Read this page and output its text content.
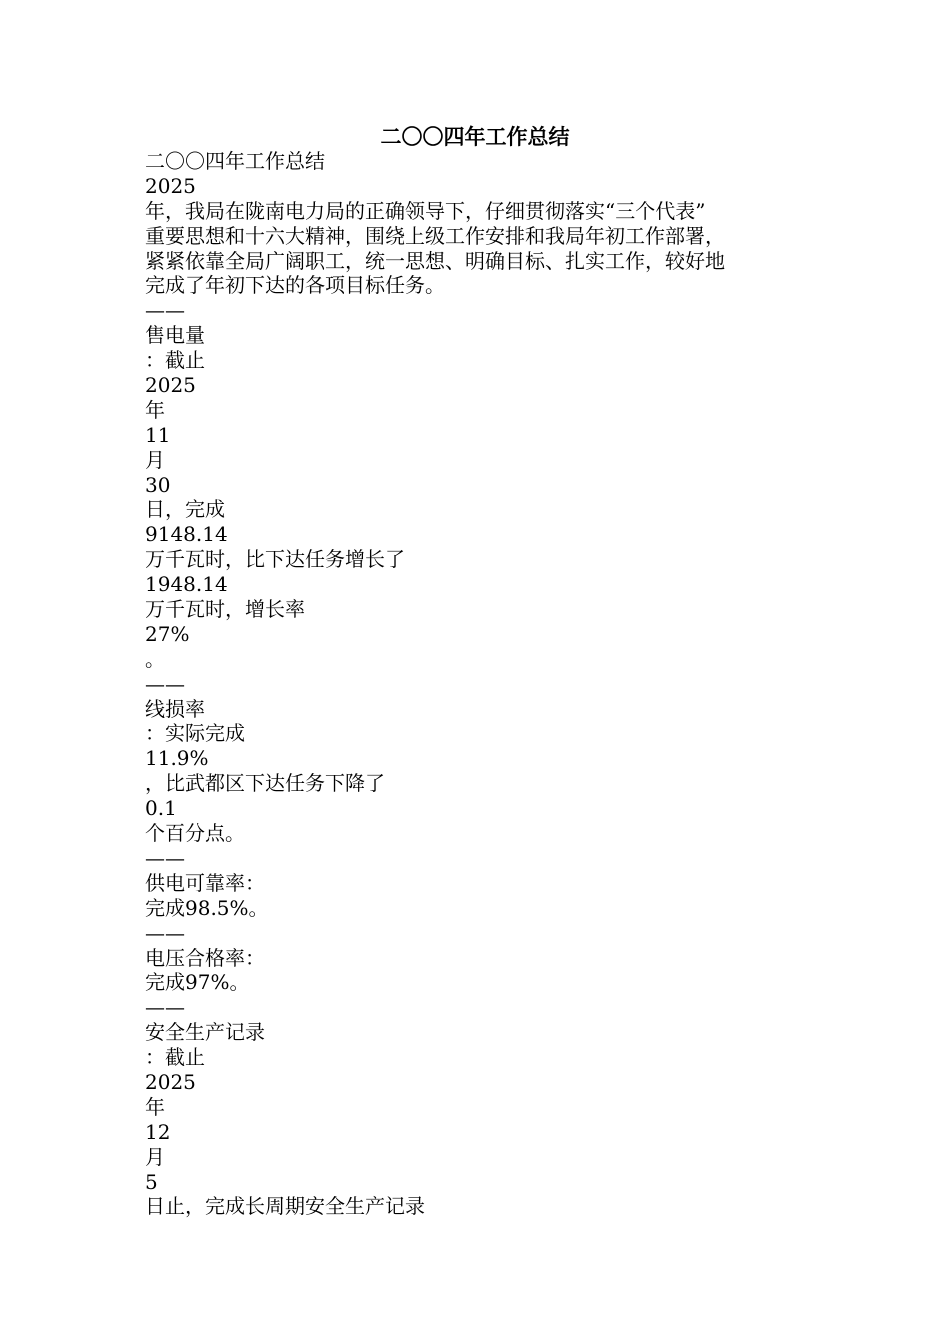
二〇〇四年工作总结
二〇〇四年工作总结
2025
年，我局在陇南电力局的正确领导下，仔细贯彻落实“三个代表”
重要思想和十六大精神，围绕上级工作安排和我局年初工作部署，
紧紧依靠全局广阔职工，统一思想、明确目标、扎实工作，较好地
完成了年初下达的各项目标任务。
——
售电量
：截止
2025
年
11
月
30
日，完成
9148.14
万千瓦时，比下达任务增长了
1948.14
万千瓦时，增长率
27%
。
——
线损率
：实际完成
11.9%
，比武都区下达任务下降了
0.1
个百分点。
——
供电可靠率：
完成98.5%。
——
电压合格率：
完成97%。
——
安全生产记录
：截止
2025
年
12
月
5
日止，完成长周期安全生产记录
